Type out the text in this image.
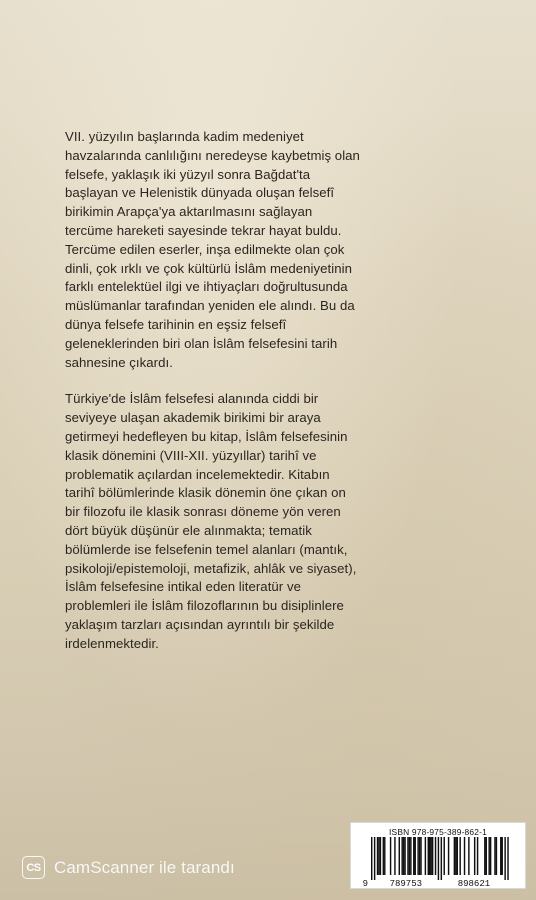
VII. yüzyılın başlarında kadim medeniyet
havzalarında canlılığını neredeyse kaybetmiş olan
felsefe, yaklaşık iki yüzyıl sonra Bağdat'ta
başlayan ve Helenistik dünyada oluşan felsefî
birikimin Arapça'ya aktarılmasını sağlayan
tercüme hareketi sayesinde tekrar hayat buldu.
Tercüme edilen eserler, inşa edilmekte olan çok
dinli, çok ırklı ve çok kültürlü İslâm medeniyetinin
farklı entelektüel ilgi ve ihtiyaçları doğrultusunda
müslümanlar tarafından yeniden ele alındı. Bu da
dünya felsefe tarihinin en eşsiz felsefî
geleneklerinden biri olan İslâm felsefesini tarih
sahnesine çıkardı.

Türkiye'de İslâm felsefesi alanında ciddi bir
seviyeye ulaşan akademik birikimi bir araya
getirmeyi hedefleyen bu kitap, İslâm felsefesinin
klasik dönemini (VIII-XII. yüzyıllar) tarihî ve
problematik açılardan incelemektedir. Kitabın
tarihî bölümlerinde klasik dönemin öne çıkan on
bir filozofu ile klasik sonrası döneme yön veren
dört büyük düşünür ele alınmakta; tematik
bölümlerde ise felsefenin temel alanları (mantık,
psikoloji/epistemoloji, metafizik, ahlâk ve siyaset),
İslâm felsefesine intikal eden literatür ve
problemleri ile İslâm filozoflarının bu disiplinlere
yaklaşım tarzları açısından ayrıntılı bir şekilde
irdelenmektedir.

ISBN 978-975-389-862-1
9 789753	898621
CS CamScanner ile tarandı
